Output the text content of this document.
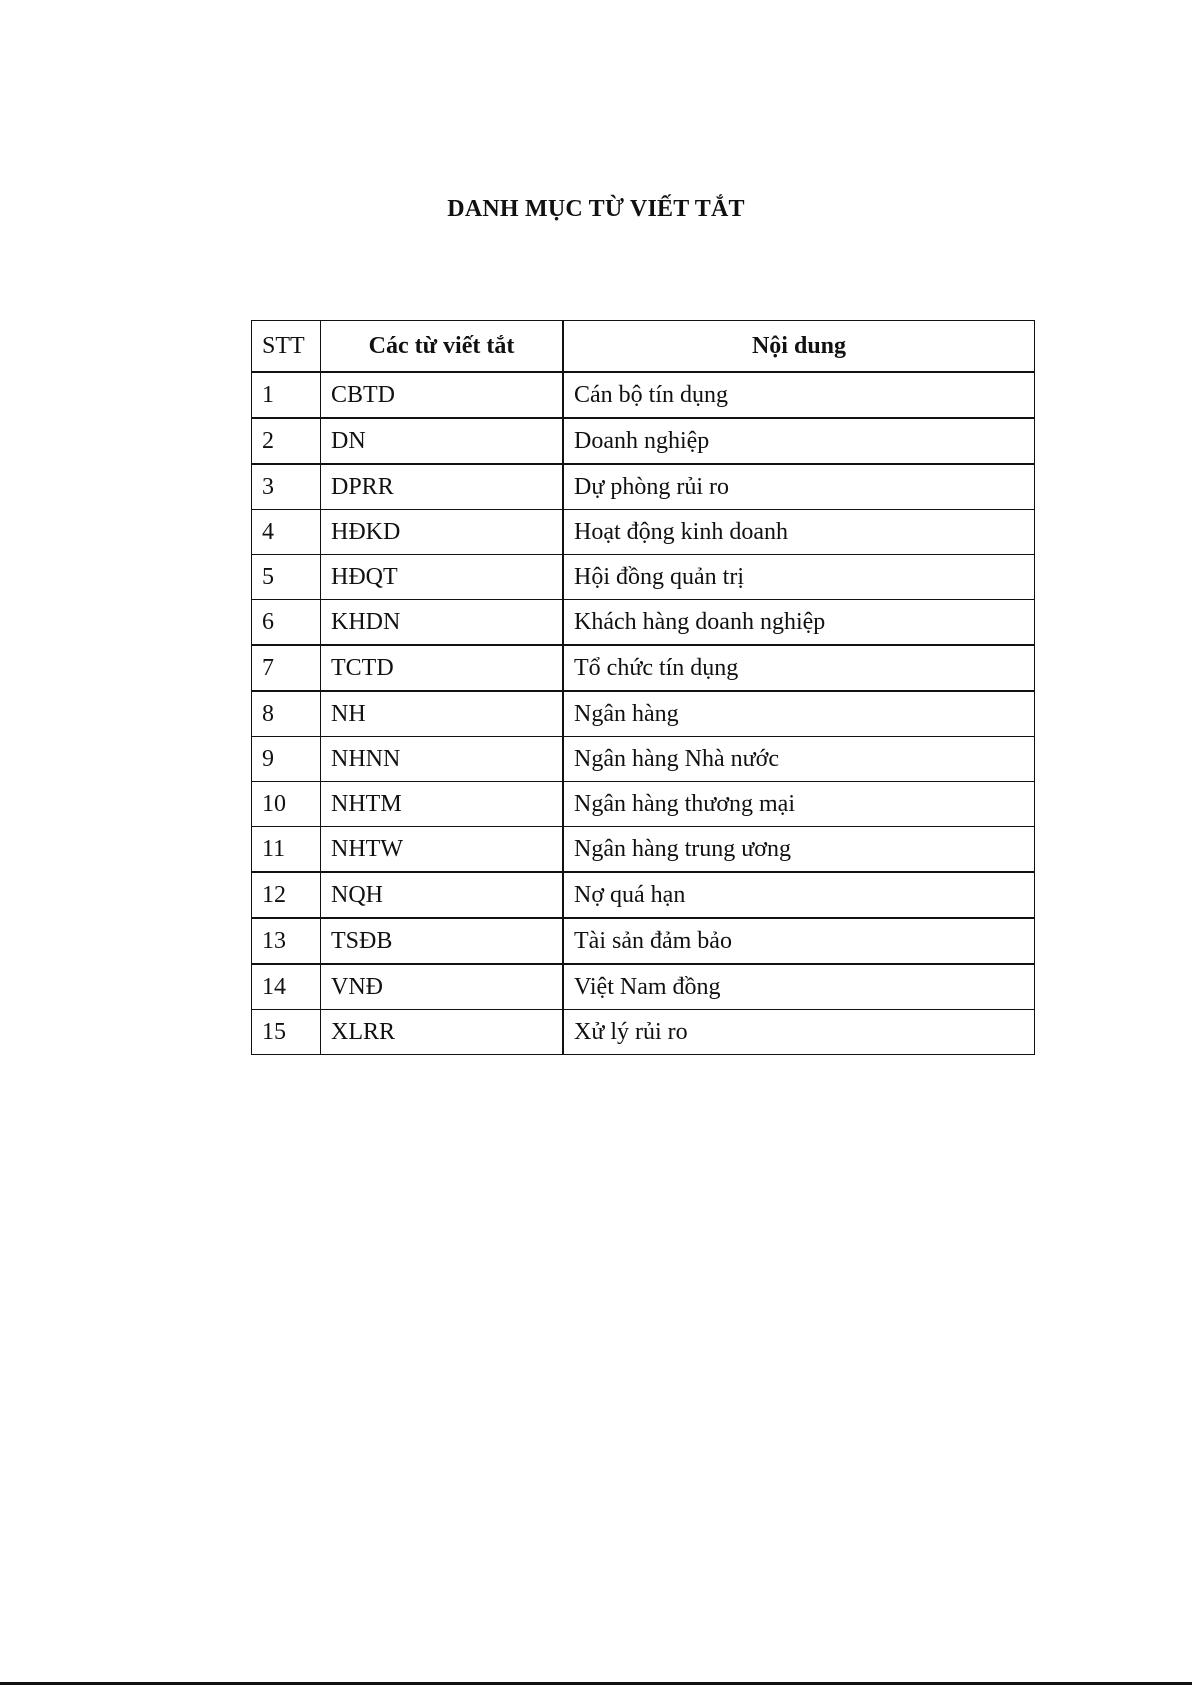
DANH MỤC TỪ VIẾT TẮT
STT	Các từ viết tắt	Nội dung
1	CBTD	Cán bộ tín dụng
2	DN	Doanh nghiệp
3	DPRR	Dự phòng rủi ro
4	HĐKD	Hoạt động kinh doanh
5	HĐQT	Hội đồng quản trị
6	KHDN	Khách hàng doanh nghiệp
7	TCTD	Tổ chức tín dụng
8	NH	Ngân hàng
9	NHNN	Ngân hàng Nhà nước
10	NHTM	Ngân hàng thương mại
11	NHTW	Ngân hàng trung ương
12	NQH	Nợ quá hạn
13	TSĐB	Tài sản đảm bảo
14	VNĐ	Việt Nam đồng
15	XLRR	Xử lý rủi ro
